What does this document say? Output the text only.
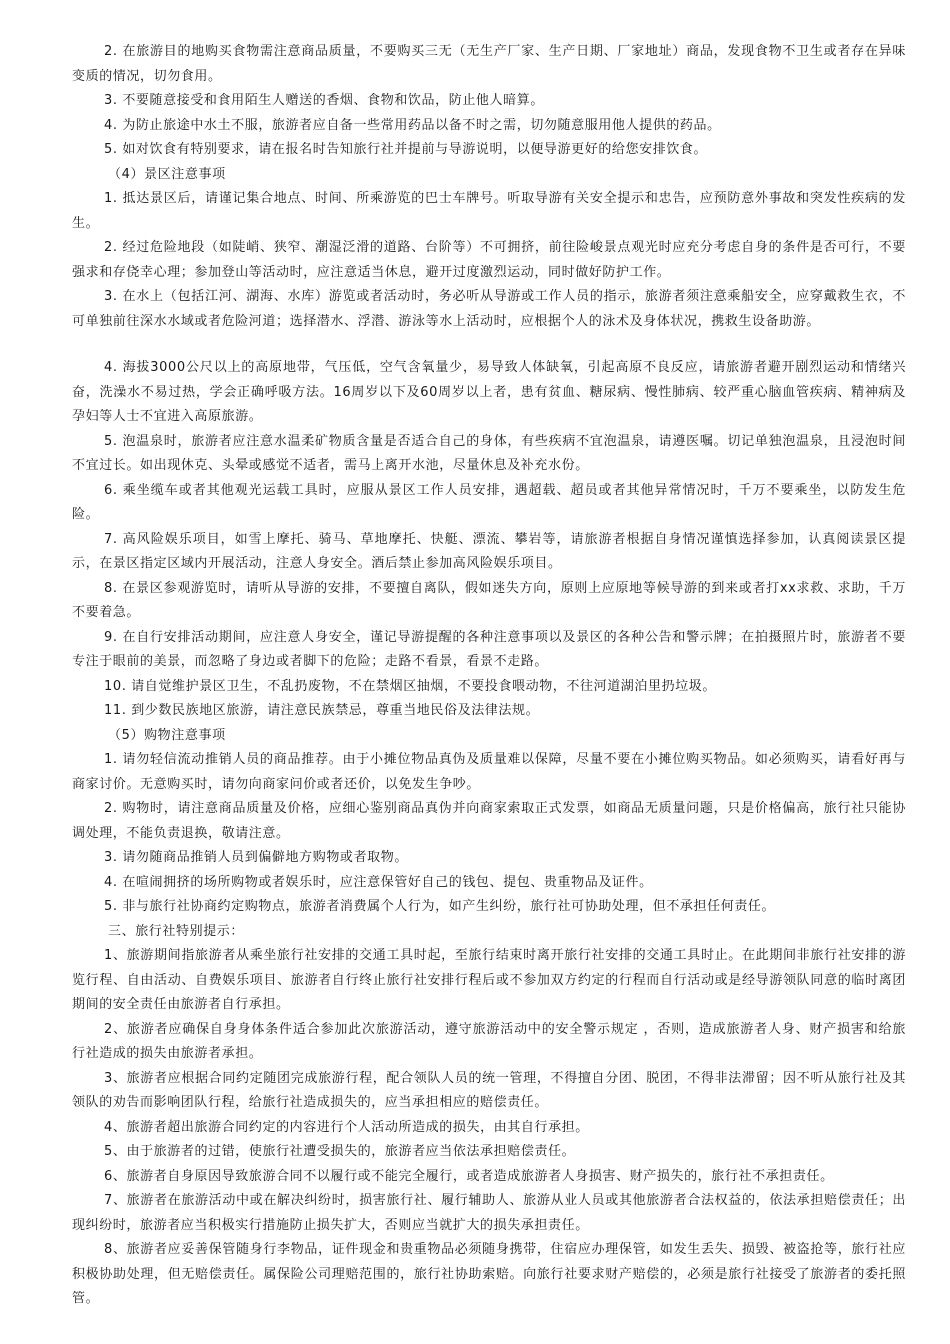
2. 在旅游目的地购买食物需注意商品质量，不要购买三无（无生产厂家、生产日期、厂家地址）商品，发现食物不卫生或者存在异味变质的情况，切勿食用。

3. 不要随意接受和食用陌生人赠送的香烟、食物和饮品，防止他人暗算。

4. 为防止旅途中水土不服，旅游者应自备一些常用药品以备不时之需，切勿随意服用他人提供的药品。

5. 如对饮食有特别要求，请在报名时告知旅行社并提前与导游说明，以便导游更好的给您安排饮食。

（4）景区注意事项

1. 抵达景区后，请谨记集合地点、时间、所乘游览的巴士车牌号。听取导游有关安全提示和忠告，应预防意外事故和突发性疾病的发生。

2. 经过危险地段（如陡峭、狭窄、潮湿泛滑的道路、台阶等）不可拥挤，前往险峻景点观光时应充分考虑自身的条件是否可行，不要强求和存侥幸心理；参加登山等活动时，应注意适当休息，避开过度激烈运动，同时做好防护工作。

3. 在水上（包括江河、湖海、水库）游览或者活动时，务必听从导游或工作人员的指示，旅游者须注意乘船安全，应穿戴救生衣，不可单独前往深水水域或者危险河道；选择潜水、浮潜、游泳等水上活动时，应根据个人的泳术及身体状况，携救生设备助游。

4. 海拔3000公尺以上的高原地带，气压低，空气含氧量少，易导致人体缺氧，引起高原不良反应，请旅游者避开剧烈运动和情绪兴奋，洗澡水不易过热，学会正确呼吸方法。16周岁以下及60周岁以上者，患有贫血、糖尿病、慢性肺病、较严重心脑血管疾病、精神病及孕妇等人士不宜进入高原旅游。

5. 泡温泉时，旅游者应注意水温柔矿物质含量是否适合自己的身体，有些疾病不宜泡温泉，请遵医嘱。切记单独泡温泉，且浸泡时间不宜过长。如出现休克、头晕或感觉不适者，需马上离开水池，尽量休息及补充水份。

6. 乘坐缆车或者其他观光运载工具时，应服从景区工作人员安排，遇超载、超员或者其他异常情况时，千万不要乘坐，以防发生危险。

7. 高风险娱乐项目，如雪上摩托、骑马、草地摩托、快艇、漂流、攀岩等，请旅游者根据自身情况谨慎选择参加，认真阅读景区提示，在景区指定区域内开展活动，注意人身安全。酒后禁止参加高风险娱乐项目。

8. 在景区参观游览时，请听从导游的安排，不要擅自离队，假如迷失方向，原则上应原地等候导游的到来或者打xx求救、求助，千万不要着急。

9. 在自行安排活动期间，应注意人身安全，谨记导游提醒的各种注意事项以及景区的各种公告和警示牌；在拍摄照片时，旅游者不要专注于眼前的美景，而忽略了身边或者脚下的危险；走路不看景，看景不走路。

10. 请自觉维护景区卫生，不乱扔废物，不在禁烟区抽烟，不要投食喂动物，不往河道湖泊里扔垃圾。

11. 到少数民族地区旅游，请注意民族禁忌，尊重当地民俗及法律法规。

（5）购物注意事项

1. 请勿轻信流动推销人员的商品推荐。由于小摊位物品真伪及质量难以保障，尽量不要在小摊位购买物品。如必须购买，请看好再与商家讨价。无意购买时，请勿向商家问价或者还价，以免发生争吵。

2. 购物时，请注意商品质量及价格，应细心鉴别商品真伪并向商家索取正式发票，如商品无质量问题，只是价格偏高，旅行社只能协调处理，不能负责退换，敬请注意。

3. 请勿随商品推销人员到偏僻地方购物或者取物。

4. 在喧闹拥挤的场所购物或者娱乐时，应注意保管好自己的钱包、提包、贵重物品及证件。

5. 非与旅行社协商约定购物点，旅游者消费属个人行为，如产生纠纷，旅行社可协助处理，但不承担任何责任。

三、旅行社特别提示：

1、旅游期间指旅游者从乘坐旅行社安排的交通工具时起，至旅行结束时离开旅行社安排的交通工具时止。在此期间非旅行社安排的游览行程、自由活动、自费娱乐项目、旅游者自行终止旅行社安排行程后或不参加双方约定的行程而自行活动或是经导游领队同意的临时离团期间的安全责任由旅游者自行承担。

2、旅游者应确保自身身体条件适合参加此次旅游活动，遵守旅游活动中的安全警示规定 ，否则，造成旅游者人身、财产损害和给旅行社造成的损失由旅游者承担。

3、旅游者应根据合同约定随团完成旅游行程，配合领队人员的统一管理，不得擅自分团、脱团，不得非法滞留；因不听从旅行社及其领队的劝告而影响团队行程，给旅行社造成损失的，应当承担相应的赔偿责任。

4、旅游者超出旅游合同约定的内容进行个人活动所造成的损失，由其自行承担。

5、由于旅游者的过错，使旅行社遭受损失的，旅游者应当依法承担赔偿责任。

6、旅游者自身原因导致旅游合同不以履行或不能完全履行，或者造成旅游者人身损害、财产损失的，旅行社不承担责任。

7、旅游者在旅游活动中或在解决纠纷时，损害旅行社、履行辅助人、旅游从业人员或其他旅游者合法权益的，依法承担赔偿责任；出现纠纷时，旅游者应当积极实行措施防止损失扩大，否则应当就扩大的损失承担责任。

8、旅游者应妥善保管随身行李物品，证件现金和贵重物品必须随身携带，住宿应办理保管，如发生丢失、损毁、被盗抢等，旅行社应积极协助处理，但无赔偿责任。属保险公司理赔范围的，旅行社协助索赔。向旅行社要求财产赔偿的，必须是旅行社接受了旅游者的委托照管。
